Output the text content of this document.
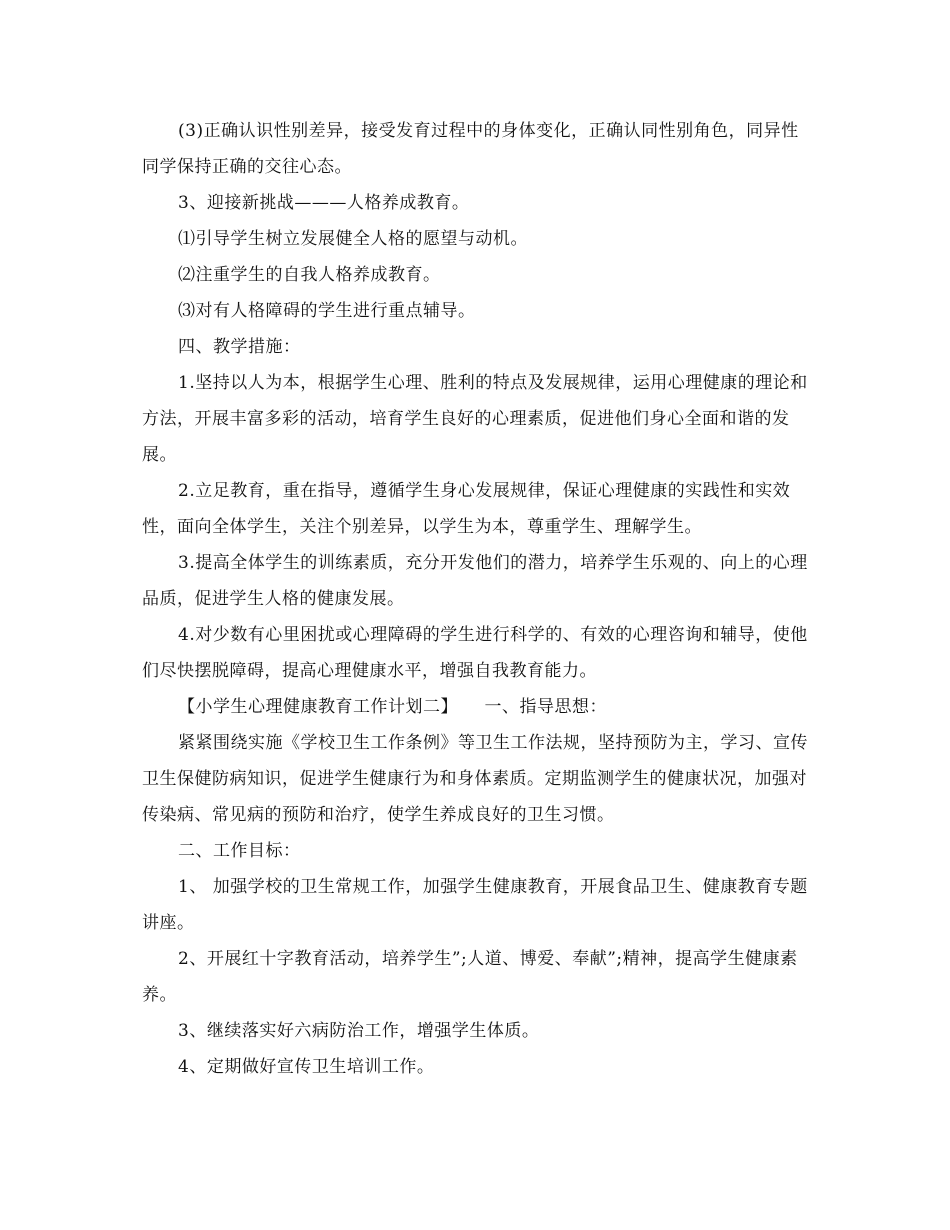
(3)正确认识性别差异，接受发育过程中的身体变化，正确认同性别角色，同异性同学保持正确的交往心态。

3、迎接新挑战———人格养成教育。

⑴引导学生树立发展健全人格的愿望与动机。

⑵注重学生的自我人格养成教育。

⑶对有人格障碍的学生进行重点辅导。

四、教学措施：

1.坚持以人为本，根据学生心理、胜利的特点及发展规律，运用心理健康的理论和方法，开展丰富多彩的活动，培育学生良好的心理素质，促进他们身心全面和谐的发展。

2.立足教育，重在指导，遵循学生身心发展规律，保证心理健康的实践性和实效性，面向全体学生，关注个别差异，以学生为本，尊重学生、理解学生。

3.提高全体学生的训练素质，充分开发他们的潜力，培养学生乐观的、向上的心理品质，促进学生人格的健康发展。

4.对少数有心里困扰或心理障碍的学生进行科学的、有效的心理咨询和辅导，使他们尽快摆脱障碍，提高心理健康水平，增强自我教育能力。

【小学生心理健康教育工作计划二】　　一、指导思想：

紧紧围绕实施《学校卫生工作条例》等卫生工作法规，坚持预防为主，学习、宣传卫生保健防病知识，促进学生健康行为和身体素质。定期监测学生的健康状况，加强对传染病、常见病的预防和治疗，使学生养成良好的卫生习惯。

二、工作目标：

1、 加强学校的卫生常规工作，加强学生健康教育，开展食品卫生、健康教育专题讲座。

2、开展红十字教育活动，培养学生”;人道、博爱、奉献”;精神，提高学生健康素养。

3、继续落实好六病防治工作，增强学生体质。

4、定期做好宣传卫生培训工作。
